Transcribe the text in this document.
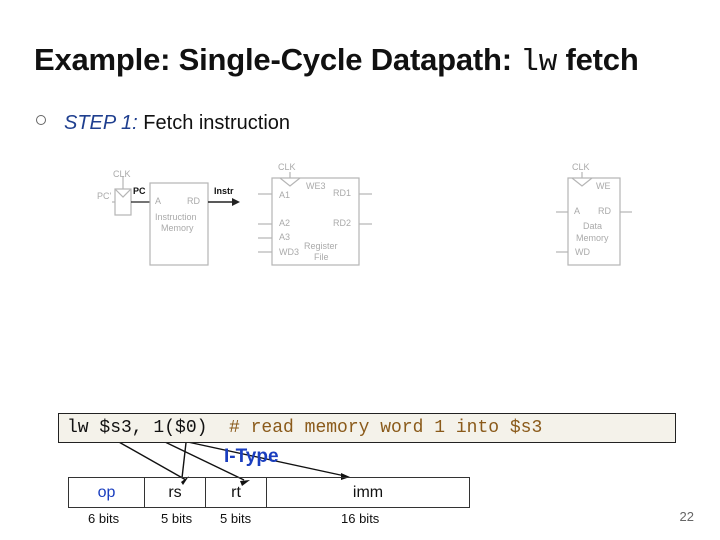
Example: Single-Cycle Datapath: lw fetch
STEP 1: Fetch instruction
CLK
PC'	A	RD
Instruction
Memory
CLK
WE3
A1	RD1
A2	RD2
A3
Register
WD3 File
CLK
WE
A RD
Data
Memory
WD
PC	Instr
lw $s3, 1($0)  # read memory word 1 into $s3
I-Type
op	rs	rt	imm
6 bits	5 bits 5 bits	16 bits	22
